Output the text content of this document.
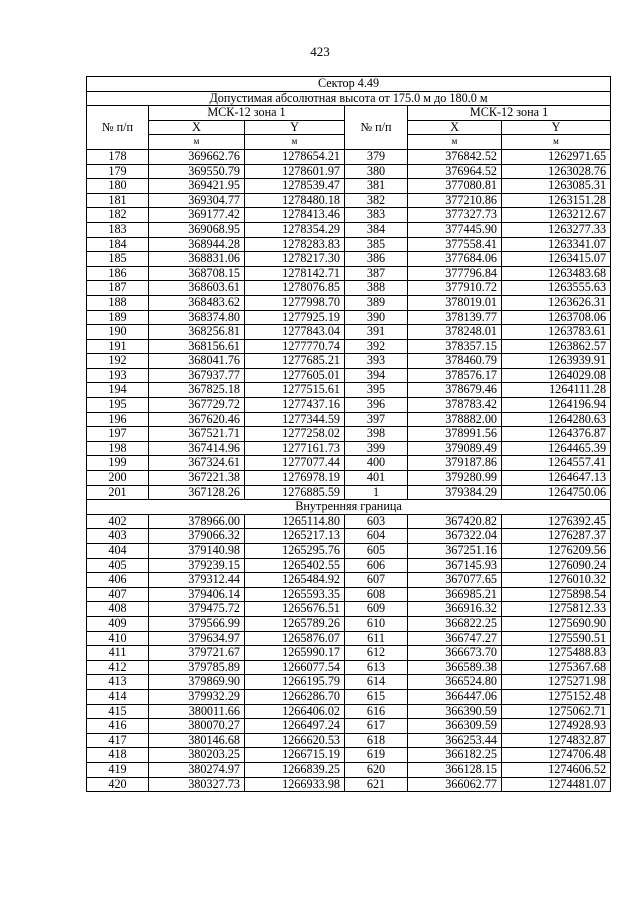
423
Сектор 4.49					
Допустимая абсолютная высота от 175.0 м до 180.0 м					
№ п/п	МСК-12 зона 1		№ п/п	МСК-12 зона 1	
	X	Y		X	Y
	м	м		м	м
178	369662.76	1278654.21	379	376842.52	1262971.65
179	369550.79	1278601.97	380	376964.52	1263028.76
180	369421.95	1278539.47	381	377080.81	1263085.31
181	369304.77	1278480.18	382	377210.86	1263151.28
182	369177.42	1278413.46	383	377327.73	1263212.67
183	369068.95	1278354.29	384	377445.90	1263277.33
184	368944.28	1278283.83	385	377558.41	1263341.07
185	368831.06	1278217.30	386	377684.06	1263415.07
186	368708.15	1278142.71	387	377796.84	1263483.68
187	368603.61	1278076.85	388	377910.72	1263555.63
188	368483.62	1277998.70	389	378019.01	1263626.31
189	368374.80	1277925.19	390	378139.77	1263708.06
190	368256.81	1277843.04	391	378248.01	1263783.61
191	368156.61	1277770.74	392	378357.15	1263862.57
192	368041.76	1277685.21	393	378460.79	1263939.91
193	367937.77	1277605.01	394	378576.17	1264029.08
194	367825.18	1277515.61	395	378679.46	1264111.28
195	367729.72	1277437.16	396	378783.42	1264196.94
196	367620.46	1277344.59	397	378882.00	1264280.63
197	367521.71	1277258.02	398	378991.56	1264376.87
198	367414.96	1277161.73	399	379089.49	1264465.39
199	367324.61	1277077.44	400	379187.86	1264557.41
200	367221.38	1276978.19	401	379280.99	1264647.13
201	367128.26	1276885.59	1	379384.29	1264750.06
Внутренняя граница					
402	378966.00	1265114.80	603	367420.82	1276392.45
403	379066.32	1265217.13	604	367322.04	1276287.37
404	379140.98	1265295.76	605	367251.16	1276209.56
405	379239.15	1265402.55	606	367145.93	1276090.24
406	379312.44	1265484.92	607	367077.65	1276010.32
407	379406.14	1265593.35	608	366985.21	1275898.54
408	379475.72	1265676.51	609	366916.32	1275812.33
409	379566.99	1265789.26	610	366822.25	1275690.90
410	379634.97	1265876.07	611	366747.27	1275590.51
411	379721.67	1265990.17	612	366673.70	1275488.83
412	379785.89	1266077.54	613	366589.38	1275367.68
413	379869.90	1266195.79	614	366524.80	1275271.98
414	379932.29	1266286.70	615	366447.06	1275152.48
415	380011.66	1266406.02	616	366390.59	1275062.71
416	380070.27	1266497.24	617	366309.59	1274928.93
417	380146.68	1266620.53	618	366253.44	1274832.87
418	380203.25	1266715.19	619	366182.25	1274706.48
419	380274.97	1266839.25	620	366128.15	1274606.52
420	380327.73	1266933.98	621	366062.77	1274481.07
